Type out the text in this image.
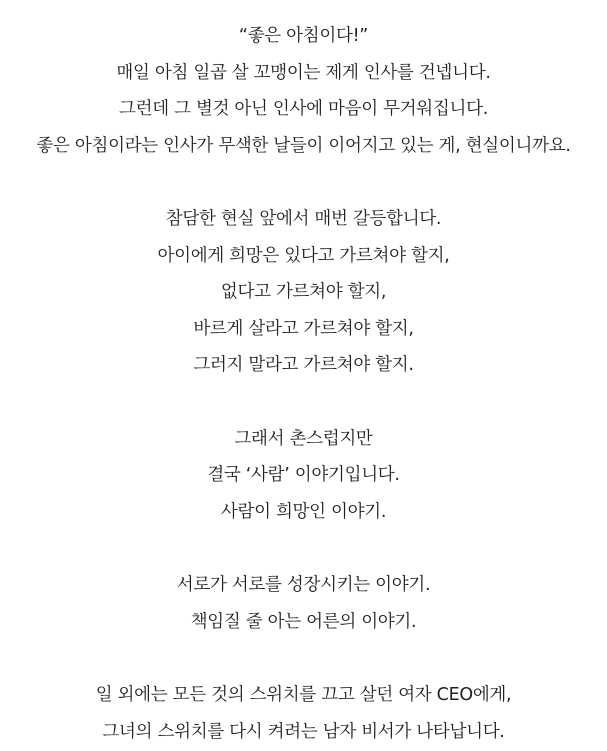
“좋은 아침이다!”
매일 아침 일곱 살 꼬맹이는 제게 인사를 건넵니다.
그런데 그 별것 아닌 인사에 마음이 무거워집니다.
좋은 아침이라는 인사가 무색한 날들이 이어지고 있는 게, 현실이니까요.
참담한 현실 앞에서 매번 갈등합니다.
아이에게 희망은 있다고 가르쳐야 할지,
없다고 가르쳐야 할지,
바르게 살라고 가르쳐야 할지,
그러지 말라고 가르쳐야 할지.
그래서 촌스럽지만
결국 ‘사람’ 이야기입니다.
사람이 희망인 이야기.
서로가 서로를 성장시키는 이야기.
책임질 줄 아는 어른의 이야기.
일 외에는 모든 것의 스위치를 끄고 살던 여자 CEO에게,
그녀의 스위치를 다시 켜려는 남자 비서가 나타납니다.
